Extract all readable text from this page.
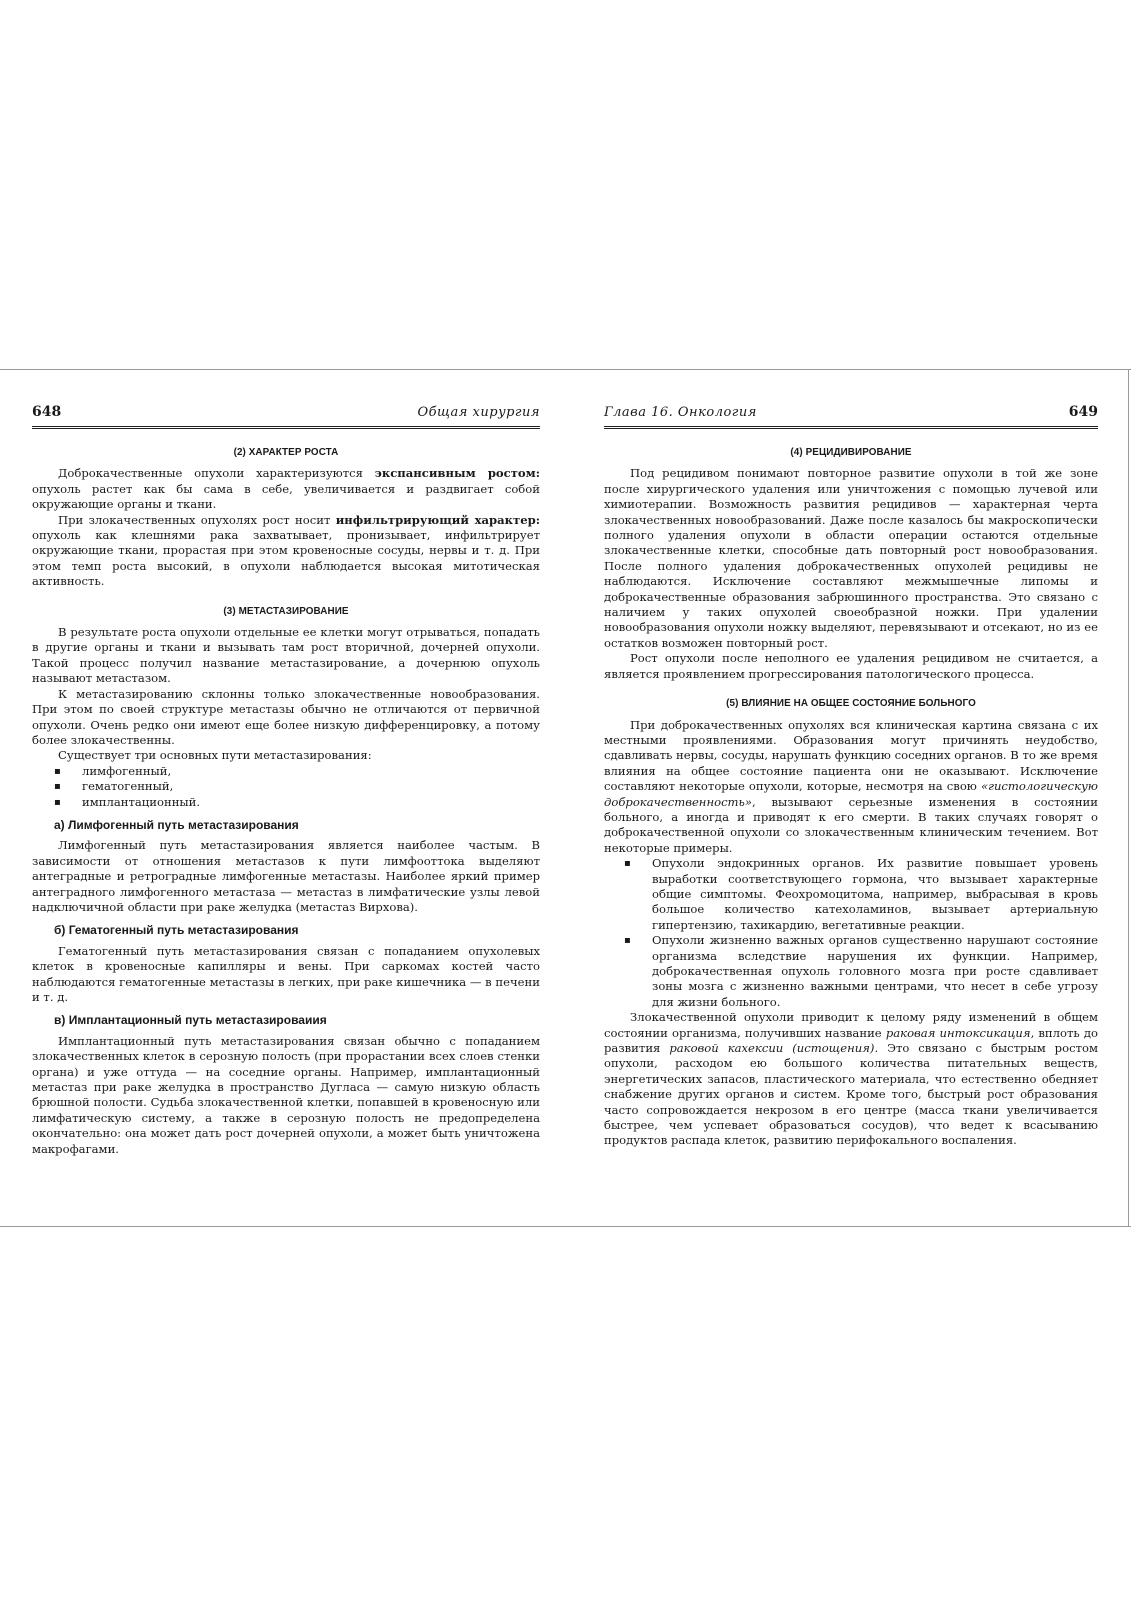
648	Общая хирургия
(2) ХАРАКТЕР РОСТА

Доброкачественные опухоли характеризуются экспансивным ростом: опухоль растет как бы сама в себе, увеличивается и раздвигает собой окружающие органы и ткани.

При злокачественных опухолях рост носит инфильтрирующий характер: опухоль как клешнями рака захватывает, пронизывает, инфильтрирует окружающие ткани, прорастая при этом кровеносные сосуды, нервы и т. д. При этом темп роста высокий, в опухоли наблюдается высокая митотическая активность.

(3) МЕТАСТАЗИРОВАНИЕ

В результате роста опухоли отдельные ее клетки могут отрываться, попадать в другие органы и ткани и вызывать там рост вторичной, дочерней опухоли. Такой процесс получил название метастазирование, а дочернюю опухоль называют метастазом.

К метастазированию склонны только злокачественные новообразования. При этом по своей структуре метастазы обычно не отличаются от первичной опухоли. Очень редко они имеют еще более низкую дифференцировку, а потому более злокачественны.

Существует три основных пути метастазирования:

▪ лимфогенный,
▪ гематогенный,
▪ имплантационный.
а) Лимфогенный путь метастазирования

Лимфогенный путь метастазирования является наиболее частым. В зависимости от отношения метастазов к пути лимфооттока выделяют антеградные и ретроградные лимфогенные метастазы. Наиболее яркий пример антеградного лимфогенного метастаза — метастаз в лимфатические узлы левой надключичной области при раке желудка (метастаз Вирхова).

б) Гематогенный путь метастазирования

Гематогенный путь метастазирования связан с попаданием опухолевых клеток в кровеносные капилляры и вены. При саркомах костей часто наблюдаются гематогенные метастазы в легких, при раке кишечника — в печени и т. д.

в) Имплантационный путь метастазироваиия

Имплантационный путь метастазирования связан обычно с попаданием злокачественных клеток в серозную полость (при прорастании всех слоев стенки органа) и уже оттуда — на соседние органы. Например, имплантационный метастаз при раке желудка в пространство Дугласа — самую низкую область брюшной полости. Судьба злокачественной клетки, попавшей в кровеносную или лимфатическую систему, а также в серозную полость не предопределена окончательно: она может дать рост дочерней опухоли, а может быть уничтожена макрофагами.

Глава 16. Онкология	649
(4) РЕЦИДИВИРОВАНИЕ

Под рецидивом понимают повторное развитие опухоли в той же зоне после хирургического удаления или уничтожения с помощью лучевой или химиотерапии. Возможность развития рецидивов — характерная черта злокачественных новообразований. Даже после казалось бы макроскопически полного удаления опухоли в области операции остаются отдельные злокачественные клетки, способные дать повторный рост новообразования. После полного удаления доброкачественных опухолей рецидивы не наблюдаются. Исключение составляют межмышечные липомы и доброкачественные образования забрюшинного пространства. Это связано с наличием у таких опухолей своеобразной ножки. При удалении новообразования опухоли ножку выделяют, перевязывают и отсекают, но из ее остатков возможен повторный рост.

Рост опухоли после неполного ее удаления рецидивом не считается, а является проявлением прогрессирования патологического процесса.

(5) ВЛИЯНИЕ НА ОБЩЕЕ СОСТОЯНИЕ БОЛЬНОГО

При доброкачественных опухолях вся клиническая картина связана с их местными проявлениями. Образования могут причинять неудобство, сдавливать нервы, сосуды, нарушать функцию соседних органов. В то же время влияния на общее состояние пациента они не оказывают. Исключение составляют некоторые опухоли, которые, несмотря на свою «гистологическую доброкачественность», вызывают серьезные изменения в состоянии больного, а иногда и приводят к его смерти. В таких случаях говорят о доброкачественной опухоли со злокачественным клиническим течением. Вот некоторые примеры.

▪ Опухоли эндокринных органов. Их развитие повышает уровень выработки соответствующего гормона, что вызывает характерные общие симптомы. Феохромоцитома, например, выбрасывая в кровь большое количество катехоламинов, вызывает артериальную гипертензию, тахикардию, вегетативные реакции.
▪ Опухоли жизненно важных органов существенно нарушают состояние организма вследствие нарушения их функции. Например, доброкачественная опухоль головного мозга при росте сдавливает зоны мозга с жизненно важными центрами, что несет в себе угрозу для жизни больного.

Злокачественной опухоли приводит к целому ряду изменений в общем состоянии организма, получивших название раковая интоксикация, вплоть до развития раковой кахексии (истощения). Это связано с быстрым ростом опухоли, расходом ею большого количества питательных веществ, энергетических запасов, пластического материала, что естественно обедняет снабжение других органов и систем. Кроме того, быстрый рост образования часто сопровождается некрозом в его центре (масса ткани увеличивается быстрее, чем успевает образоваться сосудов), что ведет к всасыванию продуктов распада клеток, развитию перифокального воспаления.
